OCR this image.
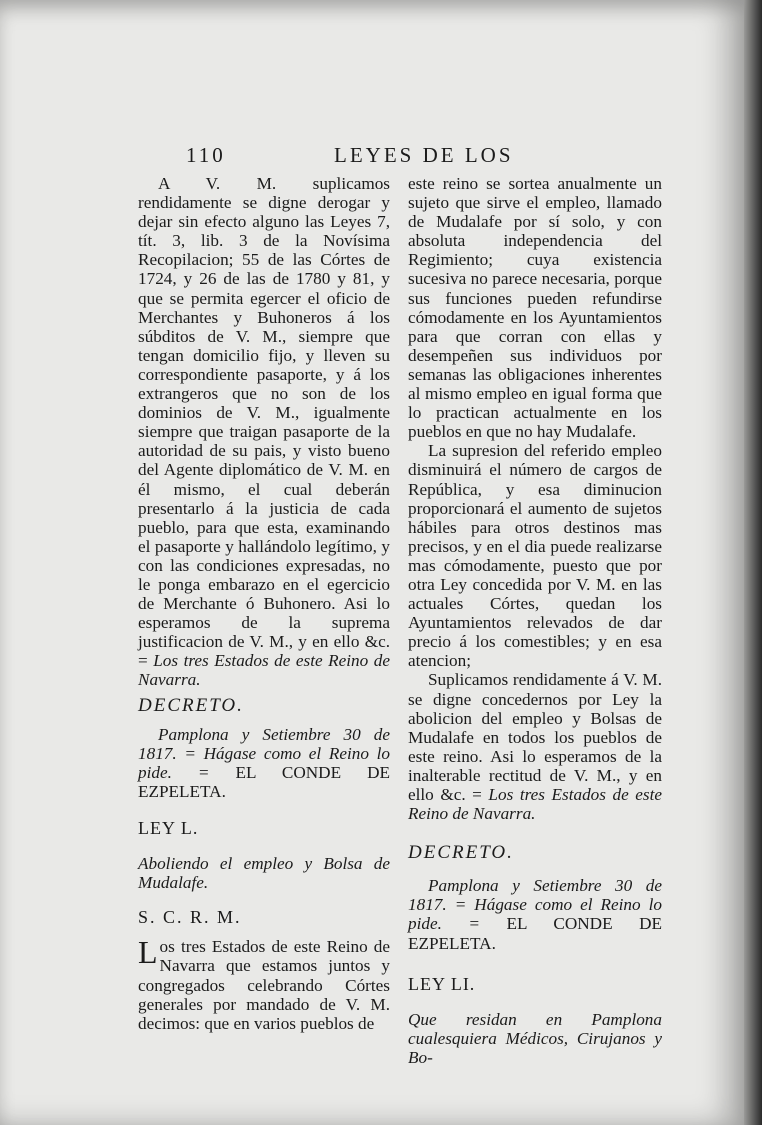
110	LEYES DE LOS

A V. M. suplicamos rendidamente se digne derogar y dejar sin efecto alguno las Leyes 7, tít. 3, lib. 3 de la Novísima Recopilacion; 55 de las Córtes de 1724, y 26 de las de 1780 y 81, y que se permita egercer el oficio de Merchantes y Buhoneros á los súbditos de V. M., siempre que tengan domicilio fijo, y lleven su correspondiente pasaporte, y á los extrangeros que no son de los dominios de V. M., igualmente siempre que traigan pasaporte de la autoridad de su pais, y visto bueno del Agente diplomático de V. M. en él mismo, el cual deberán presentarlo á la justicia de cada pueblo, para que esta, examinando el pasaporte y hallándolo legítimo, y con las condiciones expresadas, no le ponga embarazo en el egercicio de Merchante ó Buhonero. Asi lo esperamos de la suprema justificacion de V. M., y en ello &c. = Los tres Estados de este Reino de Navarra.

DECRETO.

Pamplona y Setiembre 30 de 1817. = Hágase como el Reino lo pide. = EL CONDE DE EZPELETA.

LEY L.

Aboliendo el empleo y Bolsa de Mudalafe.

S. C. R. M.

Los tres Estados de este Reino de Navarra que estamos juntos y congregados celebrando Córtes generales por mandado de V. M. decimos: que en varios pueblos de

este reino se sortea anualmente un sujeto que sirve el empleo, llamado de Mudalafe por sí solo, y con absoluta independencia del Regimiento; cuya existencia sucesiva no parece necesaria, porque sus funciones pueden refundirse cómodamente en los Ayuntamientos para que corran con ellas y desempeñen sus individuos por semanas las obligaciones inherentes al mismo empleo en igual forma que lo practican actualmente en los pueblos en que no hay Mudalafe.

La supresion del referido empleo disminuirá el número de cargos de República, y esa diminucion proporcionará el aumento de sujetos hábiles para otros destinos mas precisos, y en el dia puede realizarse mas cómodamente, puesto que por otra Ley concedida por V. M. en las actuales Córtes, quedan los Ayuntamientos relevados de dar precio á los comestibles; y en esa atencion;

Suplicamos rendidamente á V. M. se digne concedernos por Ley la abolicion del empleo y Bolsas de Mudalafe en todos los pueblos de este reino. Asi lo esperamos de la inalterable rectitud de V. M., y en ello &c. = Los tres Estados de este Reino de Navarra.

DECRETO.

Pamplona y Setiembre 30 de 1817. = Hágase como el Reino lo pide. = EL CONDE DE EZPELETA.

LEY LI.

Que residan en Pamplona cualesquiera Médicos, Cirujanos y Bo-
